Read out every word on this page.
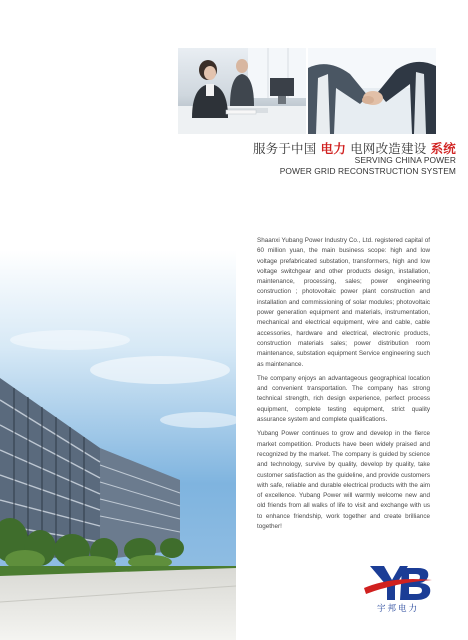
服务于中国 电力 电网改造建设 系统
SERVING CHINA POWER
POWER GRID RECONSTRUCTION SYSTEM

Shaanxi Yubang Power Industry Co., Ltd. registered capital of 60 million yuan, the main business scope: high and low voltage prefabricated substation, transformers, high and low voltage switchgear and other products design, installation, maintenance, processing, sales; power engineering construction ; photovoltaic power plant construction and installation and commissioning of solar modules; photovoltaic power generation equipment and materials, instrumentation, mechanical and electrical equipment, wire and cable, cable accessories, hardware and electrical, electronic products, construction materials sales; power distribution room maintenance, substation equipment Service engineering such as maintenance.

The company enjoys an advantageous geographical location and convenient transportation. The company has strong technical strength, rich design experience, perfect process equipment, complete testing equipment, strict quality assurance system and complete qualifications.

Yubang Power continues to grow and develop in the fierce market competition. Products have been widely praised and recognized by the market. The company is guided by science and technology, survive by quality, develop by quality, take customer satisfaction as the guideline, and provide customers with safe, reliable and durable electrical products with the aim of excellence. Yubang Power will warmly welcome new and old friends from all walks of life to visit and exchange with us to enhance friendship, work together and create brilliance together!

宇邦电力
